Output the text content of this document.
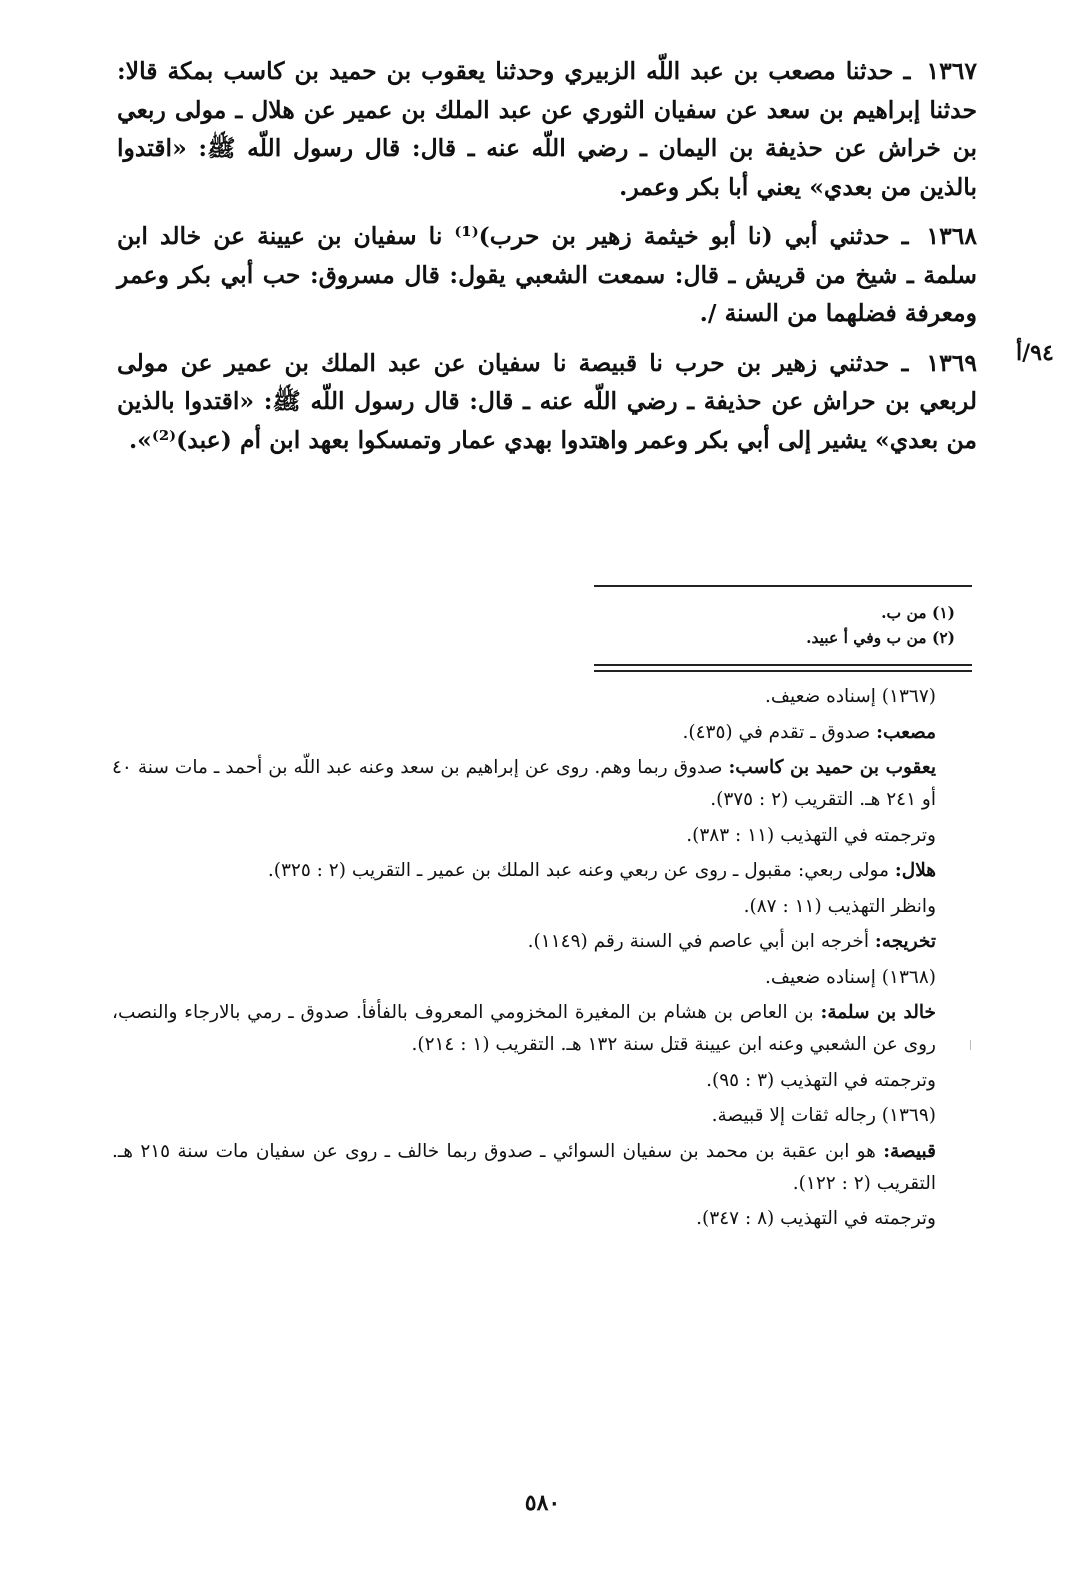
١٣٦٧ ـ حدثنا مصعب بن عبد اللّه الزبيري وحدثنا يعقوب بن حميد بن كاسب بمكة قالا: حدثنا إبراهيم بن سعد عن سفيان الثوري عن عبد الملك بن عمير عن هلال ـ مولى ربعي بن خراش عن حذيفة بن اليمان ـ رضي اللّه عنه ـ قال: قال رسول اللّه ﷺ: «اقتدوا بالذين من بعدي» يعني أبا بكر وعمر.

١٣٦٨ ـ حدثني أبي (نا أبو خيثمة زهير بن حرب)⁽¹⁾ نا سفيان بن عيينة عن خالد ابن سلمة ـ شيخ من قريش ـ قال: سمعت الشعبي يقول: قال مسروق: حب أبي بكر وعمر ومعرفة فضلهما من السنة /.

١٣٦٩ ـ حدثني زهير بن حرب نا قبيصة نا سفيان عن عبد الملك بن عمير عن مولى لربعي بن حراش عن حذيفة ـ رضي اللّه عنه ـ قال: قال رسول اللّه ﷺ: «اقتدوا بالذين من بعدي» يشير إلى أبي بكر وعمر واهتدوا بهدي عمار وتمسكوا بعهد ابن أم (عبد)⁽²⁾».

٩٤/أ
(١) من ب.
(٢) من ب وفي أ عبيد.

(١٣٦٧) إسناده ضعيف.

مصعب: صدوق ـ تقدم في (٤٣٥).

يعقوب بن حميد بن كاسب: صدوق ربما وهم. روى عن إبراهيم بن سعد وعنه عبد اللّه بن أحمد ـ مات سنة ٤٠ أو ٢٤١ هـ. التقريب (٢ : ٣٧٥).

وترجمته في التهذيب (١١ : ٣٨٣).

هلال: مولى ربعي: مقبول ـ روى عن ربعي وعنه عبد الملك بن عمير ـ التقريب (٢ : ٣٢٥).

وانظر التهذيب (١١ : ٨٧).

تخريجه: أخرجه ابن أبي عاصم في السنة رقم (١١٤٩).

(١٣٦٨) إسناده ضعيف.

خالد بن سلمة: بن العاص بن هشام بن المغيرة المخزومي المعروف بالفأفأ. صدوق ـ رمي بالارجاء والنصب، روى عن الشعبي وعنه ابن عيينة قتل سنة ١٣٢ هـ. التقريب (١ : ٢١٤).

وترجمته في التهذيب (٣ : ٩٥).

(١٣٦٩) رجاله ثقات إلا قبيصة.

قبيصة: هو ابن عقبة بن محمد بن سفيان السوائي ـ صدوق ربما خالف ـ روى عن سفيان مات سنة ٢١٥ هـ. التقريب (٢ : ١٢٢).

وترجمته في التهذيب (٨ : ٣٤٧).

٥٨٠
